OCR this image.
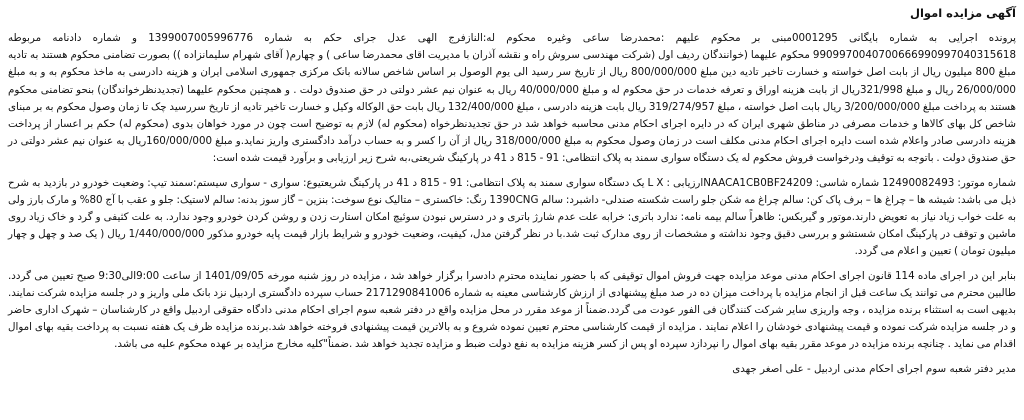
آگهی مزایده اموال

پرونده اجرایی به شماره بایگانی 0001295مبنی بر محکوم علیهم :محمدرضا ساعی وغیره محکوم له:النازفرج الهی عدل جرای حکم به شماره 1399007005996776 و شماره دادنامه مربوطه 9909970040700666990997040315618 محکوم علیهما (خوانندگان ردیف اول (شرکت مهندسی سروش راه و نقشه آذران با مدیریت اقای محمدرضا ساعی ) و چهارم( آقای شهرام سلیمانزاده )) بصورت تضامنی محکوم هستند به تادیه مبلغ 800 میلیون ریال از بابت اصل خواسته و خسارت تاخیر تادیه دین مبلغ 800/000/000 ریال از تاریخ سر رسید الی یوم الوصول بر اساس شاخص سالانه بانک مرکزی جمهوری اسلامی ایران و هزینه دادرسی به ماخذ محکوم به و به مبلغ 26/000/000 ریال و مبلغ 321/998ریال از بابت هزینه اوراق و تعرفه خدمات در حق محکوم له و مبلغ 40/000/000 ریال به عنوان نیم عشر دولتی در حق صندوق دولت . و همچنین محکوم علیهما (تجدیدنظرخواندگان) بنحو تضامنی محکوم هستند به پرداخت مبلغ 3/200/000/000 ریال بابت اصل خواسته ، مبلغ 319/274/957 ریال بابت هزینه دادرسی ، مبلغ 132/400/000 ریال بابت حق الوکاله وکیل و خسارت تاخیر تادیه از تاریخ سررسید چک تا زمان وصول محکوم به بر مبنای شاخص کل بهای کالاها و خدمات مصرفی در مناطق شهری ایران که در دایره اجرای احکام مدنی محاسبه خواهد شد در حق تجدیدنظرخواه (محکوم له) لازم به توضیح است چون در مورد خواهان بدوی (محکوم له) حکم بر اعسار از پرداخت هزینه دادرسی صادر واعلام شده است دایره اجرای احکام مدنی مکلف است در زمان وصول محکوم به مبلغ 318/000/000 ریال از آن را کسر و به حساب درآمد دادگستری واریز نماید.و مبلغ 160/000/000ریال به عنوان نیم عشر دولتی در حق صندوق دولت . باتوجه به توقیف ودرخواست فروش محکوم له یک دستگاه سواری سمند به پلاک انتظامی: 91 - 815 د 41 در پارکینگ شریعتی،به شرح زیر ارزیابی و برآورد قیمت شده است:

شماره موتور: 12490082493 شماره شاسی: NAACA1CB0BF24209ارزیابی : L X یک دستگاه سواری سمند به پلاک انتظامی: 91 - 815 د 41 در پارکینگ شریعتیوع: سواری - سواری سیستم:سمند تیپ: وضعیت خودرو در بازدید به شرح ذیل می باشد: شیشه ها – چراغ ها – برف پاک کن: سالم چراغ مه شکن جلو راست شکسته صندلی- داشبرد: سالم 1390CNG رنگ: خاکستری – متالیک نوع سوخت: بنزین – گاز سوز بدنه: سالم لاستیک: جلو و عقب با آج 80% و مارک بارز ولی به علت خواب زیاد نیاز به تعویض دارند.موتور و گیربکس: ظاهراً سالم بیمه نامه: ندارد باتری: خرابه علت عدم شارژ باتری و در دسترس نبودن سوئیچ امکان استارت زدن و روشن کردن خودرو وجود ندارد. به علت کثیفی و گرد و خاک زیاد روی ماشین و توقف در پارکینگ امکان شستشو و بررسی دقیق وجود نداشته و مشخصات از روی مدارک ثبت شد.با در نظر گرفتن مدل، کیفیت، وضعیت خودرو و شرایط بازار قیمت پایه خودرو مذکور 1/440/000/000 ریال ( یک صد و چهل و چهار میلیون تومان ) تعیین و اعلام می گردد.

بنابر این در اجرای ماده 114 قانون اجرای احکام مدنی موعد مزایده جهت فروش اموال توقیفی که با حضور نماینده محترم دادسرا برگزار خواهد شد ، مزایده در روز شنبه مورخه 1401/09/05 از ساعت 9:00الی9:30 صبح تعیین می گردد. طالبین محترم می توانند یک ساعت قبل از انجام مزایده با پرداخت میزان ده در صد مبلغ پیشنهادی از ارزش کارشناسی معینه به شماره 2171290841006 حساب سپرده دادگستری اردبیل نزد بانک ملی واریز و در جلسه مزایده شرکت نمایند. بدیهی است به استثناء برنده مزایده ، وجه واریزی سایر شرکت کنندگان فی الفور عودت می گردد.ضمناً از موعد مقرر در محل مزایده واقع در دفتر شعبه سوم اجرای احکام مدنی دادگاه حقوقی اردبیل واقع در کارشناسان – شهرک اداری حاضر و در جلسه مزایده شرکت نموده و قیمت پیشنهادی خودشان را اعلام نمایند . مزایده از قیمت کارشناسی محترم تعیین نموده شروع و به بالاترین قیمت پیشنهادی فروخته خواهد شد.برنده مزایده ظرف یک هفته نسبت به پرداخت بقیه بهای اموال اقدام می نماید . چنانچه برنده مزایده در موعد مقرر بقیه بهای اموال را نپردازد سپرده او پس از کسر هزینه مزایده به نفع دولت ضبط و مزایده تجدید خواهد شد .ضمناً"کلیه مخارج مزایده بر عهده محکوم علیه می باشد.

مدیر دفتر شعبه سوم اجرای احکام مدنی اردبیل - علی اصغر جهدی
